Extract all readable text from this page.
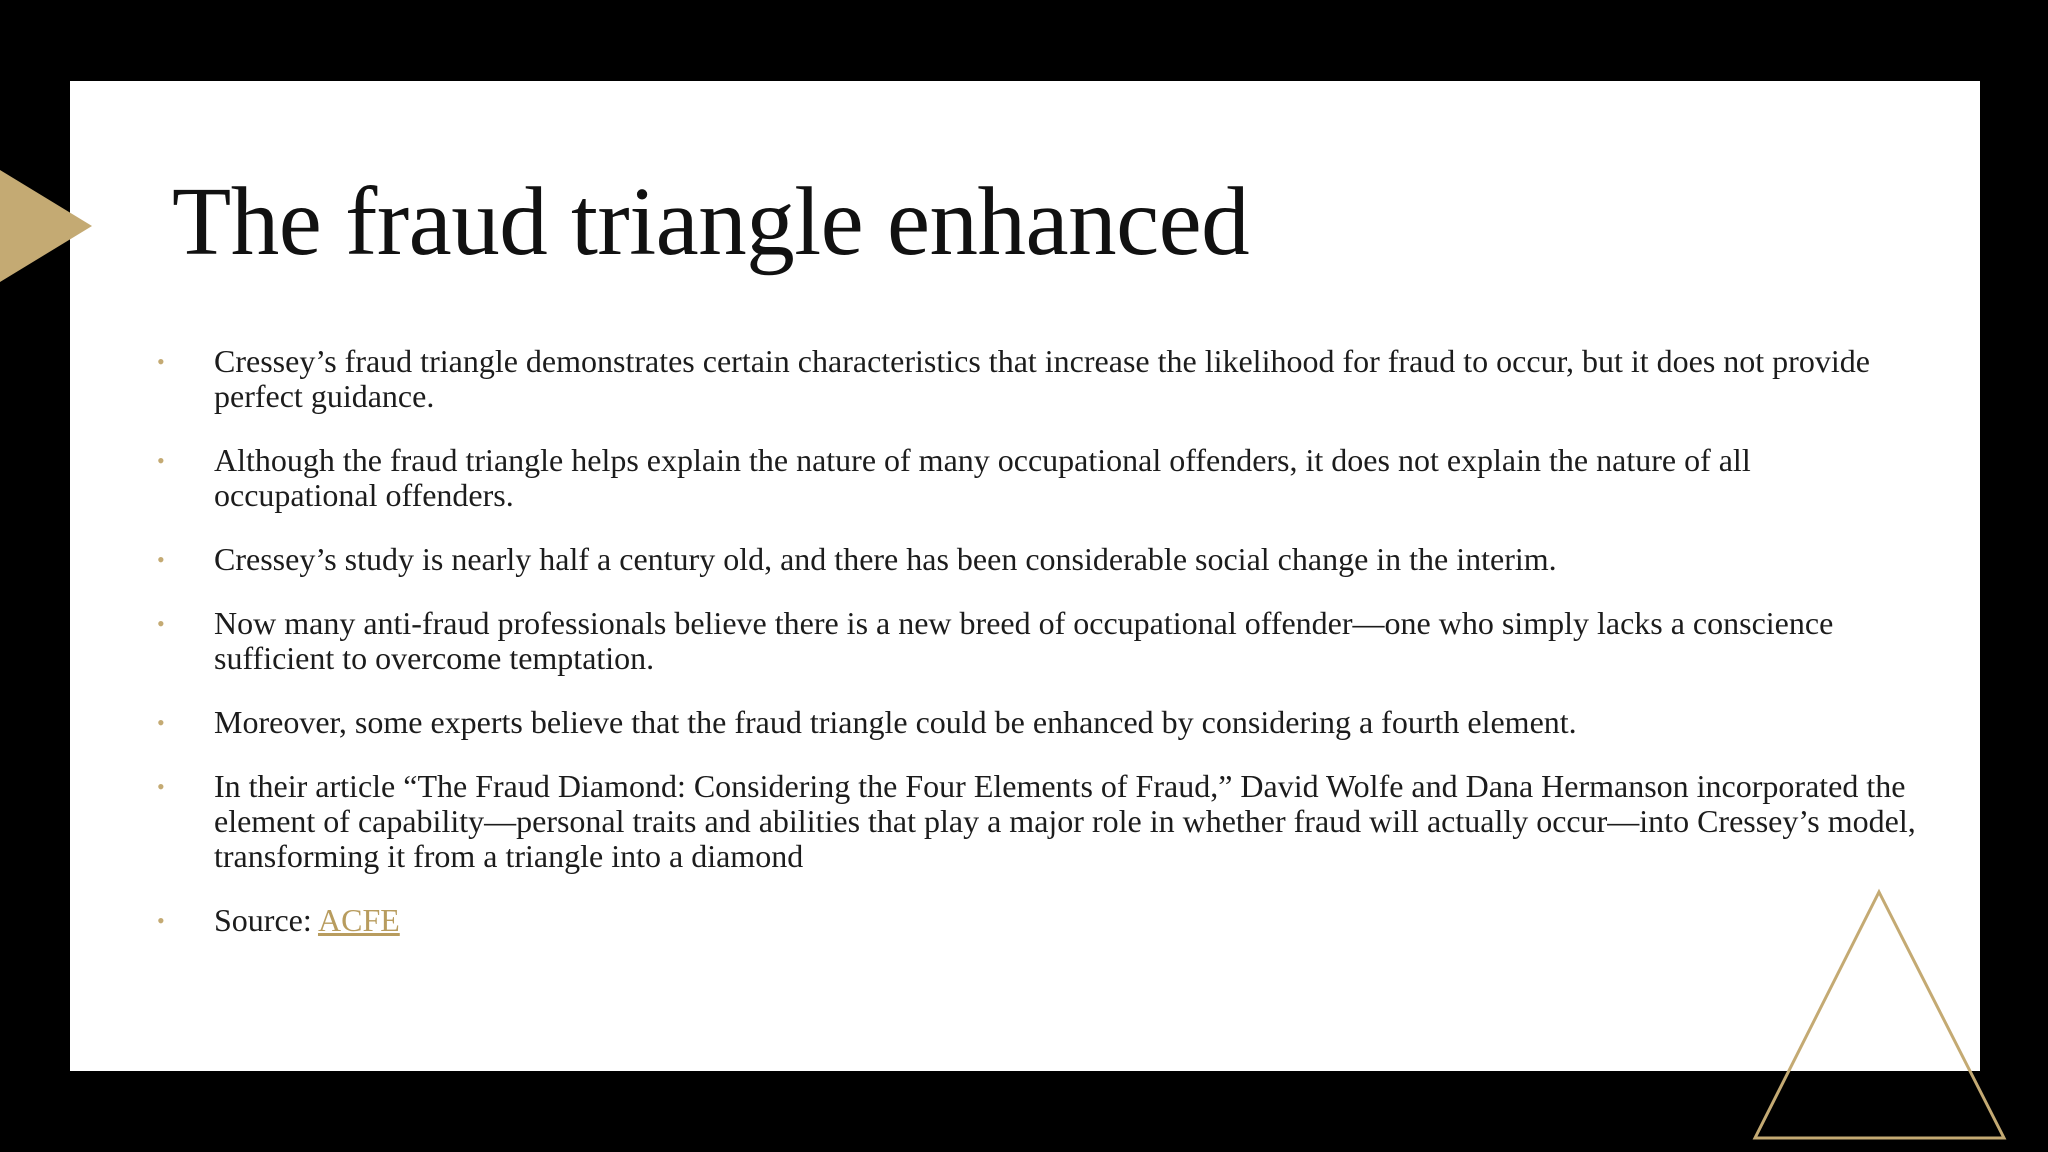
The fraud triangle enhanced
•	Cressey’s fraud triangle demonstrates certain characteristics that increase the likelihood for fraud to occur, but it does not provide perfect guidance.
•	Although the fraud triangle helps explain the nature of many occupational offenders, it does not explain the nature of all occupational offenders.
•	Cressey’s study is nearly half a century old, and there has been considerable social change in the interim.
•	Now many anti-fraud professionals believe there is a new breed of occupational offender—one who simply lacks a conscience sufficient to overcome temptation.
•	Moreover, some experts believe that the fraud triangle could be enhanced by considering a fourth element.
•	In their article “The Fraud Diamond: Considering the Four Elements of Fraud,” David Wolfe and Dana Hermanson incorporated the element of capability—personal traits and abilities that play a major role in whether fraud will actually occur—into Cressey’s model, transforming it from a triangle into a diamond
•	Source: ACFE
